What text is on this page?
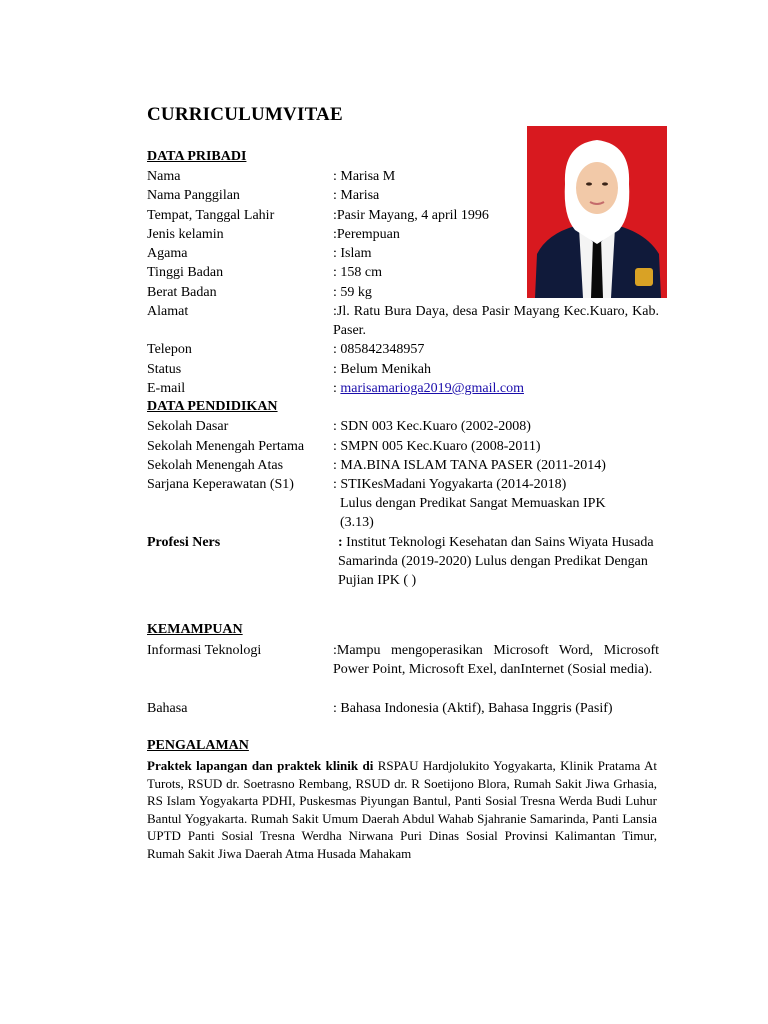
CURRICULUMVITAE
DATA PRIBADI
Nama	: Marisa M
Nama Panggilan	: Marisa
Tempat, Tanggal Lahir	:Pasir Mayang, 4 april 1996
Jenis kelamin	:Perempuan
Agama	: Islam
Tinggi Badan	: 158 cm
Berat Badan	: 59 kg
Alamat	:Jl. Ratu Bura Daya, desa Pasir Mayang Kec.Kuaro, Kab. Paser.
Telepon	: 085842348957
Status	: Belum Menikah
E-mail	: marisamarioga2019@gmail.com
DATA PENDIDIKAN
Sekolah Dasar	: SDN 003 Kec.Kuaro (2002-2008)
Sekolah Menengah Pertama : SMPN 005 Kec.Kuaro (2008-2011)
Sekolah Menengah Atas	: MA.BINA ISLAM TANA PASER (2011-2014)
Sarjana Keperawatan (S1)	: STIKesMadani Yogyakarta (2014-2018)
Lulus dengan Predikat Sangat Memuaskan IPK (3.13)
Profesi Ners	: Institut Teknologi Kesehatan dan Sains Wiyata Husada Samarinda (2019-2020) Lulus dengan Predikat Dengan Pujian IPK ( )
KEMAMPUAN
Informasi Teknologi	:Mampu mengoperasikan Microsoft Word, Microsoft Power Point, Microsoft Exel, danInternet (Sosial media).
Bahasa	: Bahasa Indonesia (Aktif), Bahasa Inggris (Pasif)
PENGALAMAN
Praktek lapangan dan praktek klinik di RSPAU Hardjolukito Yogyakarta, Klinik Pratama At Turots, RSUD dr. Soetrasno Rembang, RSUD dr. R Soetijono Blora, Rumah Sakit Jiwa Grhasia, RS Islam Yogyakarta PDHI, Puskesmas Piyungan Bantul, Panti Sosial Tresna Werda Budi Luhur Bantul Yogyakarta. Rumah Sakit Umum Daerah Abdul Wahab Sjahranie Samarinda, Panti Lansia UPTD Panti Sosial Tresna Werdha Nirwana Puri Dinas Sosial Provinsi Kalimantan Timur, Rumah Sakit Jiwa Daerah Atma Husada Mahakam
